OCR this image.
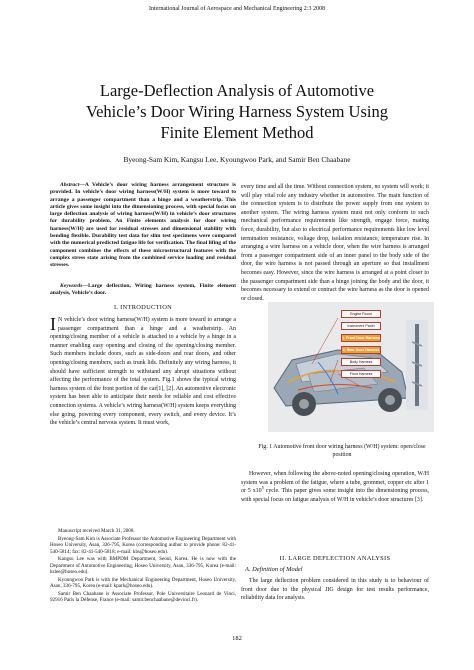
International Journal of Aerospace and Mechanical Engineering 2:3 2008
Large-Deflection Analysis of Automotive
Vehicle’s Door Wiring Harness System Using
Finite Element Method
Byeong-Sam Kim, Kangsu Lee, Kyoungwoo Park, and Samir Ben Chaabane

Abstract—A Vehicle’s door wiring harness arrangement structure is provided. In vehicle’s door wiring harness(W/H) system is more toward to arrange a passenger compartment than a hinge and a weatherstrip. This article gives some insight into the dimensioning process, with special focus on large deflection analysis of wiring harness(W/H) in vehicle’s door structures for durability problem. An Finite elements analysis for door wiring harness(W/H) are used for residual stresses and dimensional stability with bending flexible. Durability test data for slim test specimens were compared with the numerical predicted fatigue life for verification. The final lifing of the component combines the effects of these microstructural features with the complex stress state arising from the combined service loading and residual stresses.

Keywords—Large deflection, Wiring harness system, Finite element analysis, Vehicle’s door.

I. INTRODUCTION

I N vehicle’s door wiring harness(W/H) system is more toward to arrange a passenger compartment than a hinge and a weatherstrip. An opening/closing member of a vehicle is attached to a vehicle by a hinge in a manner enabling easy opening and closing of the opening/closing member. Such members include doors, such as side-doors and rear doors, and other opening/closing members, such as trunk lids. Definitely any wiring harness, it should have sufficient strength to withstand any abrupt situations without affecting the performance of the total system. Fig.1 shows the typical wiring harness system of the front portion of the car[1], [2]. An automotive electronic system has been able to anticipate their needs for reliable and cost effective connection systems. A vehicle’s wiring harness(W/H) system keeps everything else going, powering every component, every switch, and every device. It’s the vehicle’s central nervous system. It must work,

Manuscript received March 31, 2008.

Byeong-Sam Kim is Associate Professor the Automotive Engineering Department with Hoseo University, Asan, 336-795, Korea (corresponding author to provide phone: 82-41-540-5814; fax: 82-41-540-5818; e-mail: kbs@hoseo.edu).

Kangsu Lee was with BMPDM Department, Seoul, Korea. He is now with the Department of Automotive Engineering, Hoseo University, Asan, 336-795, Korea (e-mail: kslee@hoseo.edu).

Kyoungwoo Park is with the Mechanical Engineering Department, Hoseo University, Asan, 336-795, Korea (e-mail: kpark@hoseo.edu).

Samir Ben Chaabane is Associate Professor, Pole Universitaire Leonard de Vinci, 92916 Paris la Défense, France (e-mail: samir.benchaabane@devinci.fr).

every time and all the time. Without connection system, no system will work; it will play vital role any industry whether in automotive. The main function of the connection system is to distribute the power supply from one system to another system. The wiring harness system must not only conform to such mechanical performance requirements like strength, engage force, mating force, durability, but also to electrical performance requirements like low level termination resistance, voltage drop, isolation resistance, temperature rise. In arranging a wire harness on a vehicle door, when the wire harness is arranged from a passenger compartment side of an inner panel to the body side of the door, the wire harness is not passed through an aperture so that installment becomes easy. However, since the wire harness is arranged at a point closer to the passenger compartment side than a hinge joining the body and the door, it becomes necessary to extend or contract the wire harness as the door is opened or closed.

Engine Room
Instrument Panel
1. Front Door Harness
2. Rear Door Harness
Body Harness
Floor Harness
Fig. 1 Automotive front door wiring harness (W/H) system: open/close position

However, when following the above-noted opening/closing operation, W/H system was a problem of the fatigue, where a tube, grommet, copper etc after 1 or 5 $x10^5$ cycle. This paper gives some insight into the dimensioning process, with special focus on fatigue analysis of W/H in vehicle’s door structures [3].

II. LARGE DEFLECTION ANALYSIS
A. Definition of Model

The large deflection problem considered in this study is to behaviour of front door due to the physical JIG design for test results performance, reliability data for analysis.

182
